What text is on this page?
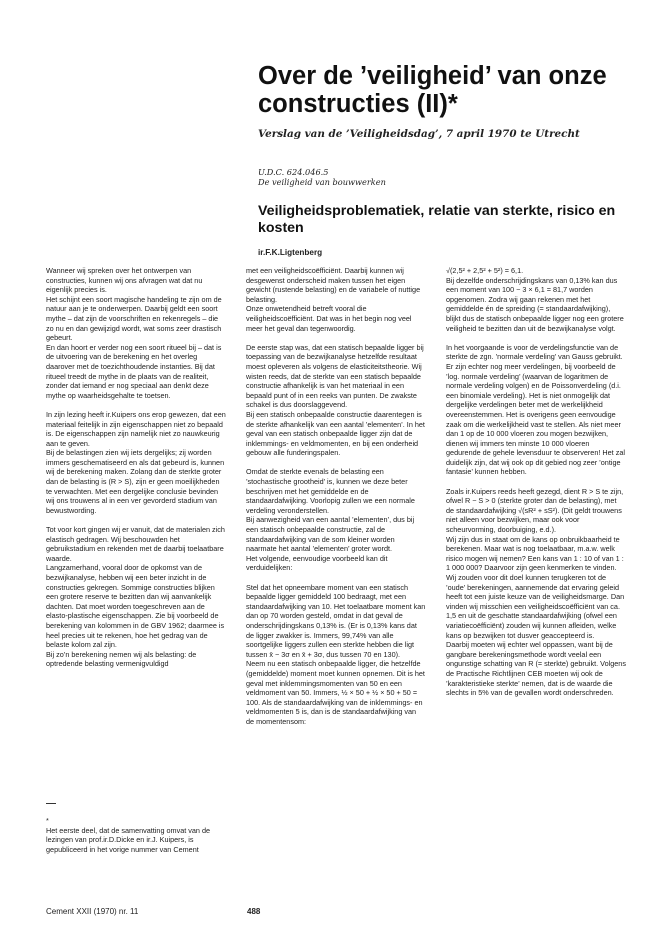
Over de ’veiligheid’ van onze constructies (II)*

Verslag van de ’Veiligheidsdag’, 7 april 1970 te Utrecht

U.D.C. 624.046.5
De veiligheid van bouwwerken
Veiligheidsproblematiek, relatie van sterkte, risico en kosten
ir.F.K.Ligtenberg

Wanneer wij spreken over het ontwerpen van constructies, kunnen wij ons afvragen wat dat nu eigenlijk precies is.
Het schijnt een soort magische handeling te zijn om de natuur aan je te onderwerpen. Daarbij geldt een soort mythe – dat zijn de voorschriften en rekenregels – die zo nu en dan gewijzigd wordt, wat soms zeer drastisch gebeurt.
En dan hoort er verder nog een soort ritueel bij – dat is de uitvoering van de berekening en het overleg daarover met de toezichthoudende instanties. Bij dat ritueel treedt de mythe in de plaats van de realiteit, zonder dat iemand er nog speciaal aan denkt deze mythe op waarheidsgehalte te toetsen.

In zijn lezing heeft ir.Kuipers ons erop gewezen, dat een materiaal feitelijk in zijn eigenschappen niet zo bepaald is. De eigenschappen zijn namelijk niet zo nauwkeurig aan te geven.
Bij de belastingen zien wij iets dergelijks; zij worden immers geschematiseerd en als dat gebeurd is, kunnen wij de berekening maken. Zolang dan de sterkte groter dan de belasting is (R > S), zijn er geen moeilijkheden te verwachten. Met een dergelijke conclusie bevinden wij ons trouwens al in een ver gevorderd stadium van bewustwording.

Tot voor kort gingen wij er vanuit, dat de materialen zich elastisch gedragen. Wij beschouwden het gebruikstadium en rekenden met de daarbij toelaatbare waarde.
Langzamerhand, vooral door de opkomst van de bezwijkanalyse, hebben wij een beter inzicht in de constructies gekregen. Sommige constructies blijken een grotere reserve te bezitten dan wij aanvankelijk dachten. Dat moet worden toegeschreven aan de elasto-plastische eigenschappen. Zie bij voorbeeld de berekening van kolommen in de GBV 1962; daarmee is heel precies uit te rekenen, hoe het gedrag van de belaste kolom zal zijn.
Bij zo’n berekening nemen wij als belasting: de optredende belasting vermenigvuldigd

met een veiligheidscoëfficiënt. Daarbij kunnen wij desgewenst onderscheid maken tussen het eigen gewicht (rustende belasting) en de variabele of nuttige belasting.
Onze onwetendheid betreft vooral die veiligheidscoëfficiënt. Dat was in het begin nog veel meer het geval dan tegenwoordig.

De eerste stap was, dat een statisch bepaalde ligger bij toepassing van de bezwijkanalyse hetzelfde resultaat moest opleveren als volgens de elasticiteitstheorie. Wij wisten reeds, dat de sterkte van een statisch bepaalde constructie afhankelijk is van het materiaal in een bepaald punt of in een reeks van punten. De zwakste schakel is dus doorslaggevend.
Bij een statisch onbepaalde constructie daarentegen is de sterkte afhankelijk van een aantal ’elementen’. In het geval van een statisch onbepaalde ligger zijn dat de inklemmings- en veldmomenten, en bij een onderheid gebouw alle funderingspalen.

Omdat de sterkte evenals de belasting een ’stochastische grootheid’ is, kunnen we deze beter beschrijven met het gemiddelde en de standaardafwijking. Voorlopig zullen we een normale verdeling veronderstellen.
Bij aanwezigheid van een aantal ’elementen’, dus bij een statisch onbepaalde constructie, zal de standaardafwijking van de som kleiner worden naarmate het aantal ’elementen’ groter wordt.
Het volgende, eenvoudige voorbeeld kan dit verduidelijken:

Stel dat het opneembare moment van een statisch bepaalde ligger gemiddeld 100 bedraagt, met een standaardafwijking van 10. Het toelaatbare moment kan dan op 70 worden gesteld, omdat in dat geval de onderschrijdingskans 0,13% is. (Er is 0,13% kans dat de ligger zwakker is. Immers, 99,74% van alle soortgelijke liggers zullen een sterkte hebben die ligt tussen x̄ − 3σ en x̄ + 3σ, dus tussen 70 en 130).
Neem nu een statisch onbepaalde ligger, die hetzelfde (gemiddelde) moment moet kunnen opnemen. Dit is het geval met inklemmingsmomenten van 50 en een veldmoment van 50. Immers, ½ × 50 + ½ × 50 + 50 = 100. Als de standaardafwijking van de inklemmings- en veldmomenten 5 is, dan is de standaardafwijking van de momentensom:

√(2,5² + 2,5² + 5²) = 6,1.
Bij dezelfde onderschrijdingskans van 0,13% kan dus een moment van 100 − 3 × 6,1 = 81,7 worden opgenomen. Zodra wij gaan rekenen met het gemiddelde én de spreiding (= standaardafwijking), blijkt dus de statisch onbepaalde ligger nog een grotere veiligheid te bezitten dan uit de bezwijkanalyse volgt.

In het voorgaande is voor de verdelingsfunctie van de sterkte de zgn. ’normale verdeling’ van Gauss gebruikt. Er zijn echter nog meer verdelingen, bij voorbeeld de ’log. normale verdeling’ (waarvan de logaritmen de normale verdeling volgen) en de Poissonverdeling (d.i. een binomiale verdeling). Het is niet onmogelijk dat dergelijke verdelingen beter met de werkelijkheid overeenstemmen. Het is overigens geen eenvoudige zaak om die werkelijkheid vast te stellen. Als niet meer dan 1 op de 10 000 vloeren zou mogen bezwijken, dienen wij immers ten minste 10 000 vloeren gedurende de gehele levensduur te observeren! Het zal duidelijk zijn, dat wij ook op dit gebied nog zeer ’ontige fantasie’ kunnen hebben.

Zoals ir.Kuipers reeds heeft gezegd, dient R > S te zijn, ofwel R − S > 0 (sterkte groter dan de belasting), met de standaardafwijking √(sR² + sS²). (Dit geldt trouwens niet alleen voor bezwijken, maar ook voor scheurvorming, doorbuiging, e.d.).
Wij zijn dus in staat om de kans op onbruikbaarheid te berekenen. Maar wat is nog toelaatbaar, m.a.w. welk risico mogen wij nemen? Een kans van 1 : 10 of van 1 : 1 000 000? Daarvoor zijn geen kenmerken te vinden.
Wij zouden voor dit doel kunnen terugkeren tot de ’oude’ berekeningen, aannemende dat ervaring geleid heeft tot een juiste keuze van de veiligheidsmarge. Dan vinden wij misschien een veiligheidscoëfficiënt van ca. 1,5 en uit de geschatte standaardafwijking (ofwel een variatiecoëfficiënt) zouden wij kunnen afleiden, welke kans op bezwijken tot dusver geaccepteerd is.
Daarbij moeten wij echter wel oppassen, want bij de gangbare berekeningsmethode wordt veelal een ongunstige schatting van R (= sterkte) gebruikt. Volgens de Practische Richtlijnen CEB moeten wij ook de ’karakteristieke sterkte’ nemen, dat is de waarde die slechts in 5% van de gevallen wordt onderschreden.

*

Het eerste deel, dat de samenvatting omvat van de lezingen van prof.ir.D.Dicke en ir.J. Kuipers, is gepubliceerd in het vorige nummer van Cement

Cement XXII (1970) nr. 11	488
